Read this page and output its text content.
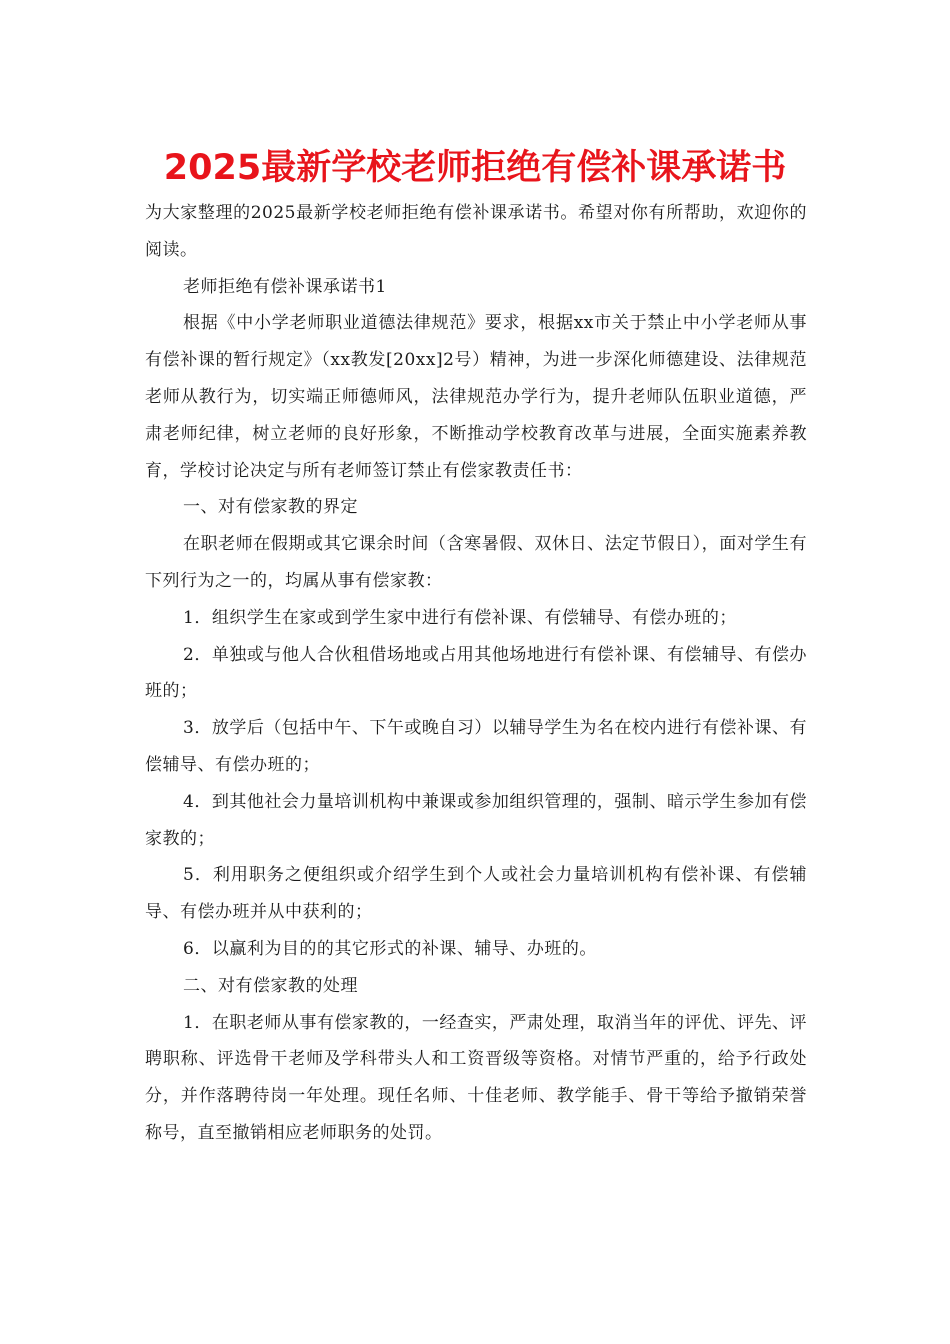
2025最新学校老师拒绝有偿补课承诺书

为大家整理的2025最新学校老师拒绝有偿补课承诺书。希望对你有所帮助，欢迎你的阅读。

老师拒绝有偿补课承诺书1

根据《中小学老师职业道德法律规范》要求，根据xx市关于禁止中小学老师从事有偿补课的暂行规定》（xx教发[20xx]2号）精神，为进一步深化师德建设、法律规范老师从教行为，切实端正师德师风，法律规范办学行为，提升老师队伍职业道德，严肃老师纪律，树立老师的良好形象，不断推动学校教育改革与进展，全面实施素养教育，学校讨论决定与所有老师签订禁止有偿家教责任书：

一、对有偿家教的界定

在职老师在假期或其它课余时间（含寒暑假、双休日、法定节假日），面对学生有下列行为之一的，均属从事有偿家教：

1．组织学生在家或到学生家中进行有偿补课、有偿辅导、有偿办班的；

2．单独或与他人合伙租借场地或占用其他场地进行有偿补课、有偿辅导、有偿办班的；

3．放学后（包括中午、下午或晚自习）以辅导学生为名在校内进行有偿补课、有偿辅导、有偿办班的；

4．到其他社会力量培训机构中兼课或参加组织管理的，强制、暗示学生参加有偿家教的；

5．利用职务之便组织或介绍学生到个人或社会力量培训机构有偿补课、有偿辅导、有偿办班并从中获利的；

6．以赢利为目的的其它形式的补课、辅导、办班的。

二、对有偿家教的处理

1．在职老师从事有偿家教的，一经查实，严肃处理，取消当年的评优、评先、评聘职称、评选骨干老师及学科带头人和工资晋级等资格。对情节严重的，给予行政处分，并作落聘待岗一年处理。现任名师、十佳老师、教学能手、骨干等给予撤销荣誉称号，直至撤销相应老师职务的处罚。
